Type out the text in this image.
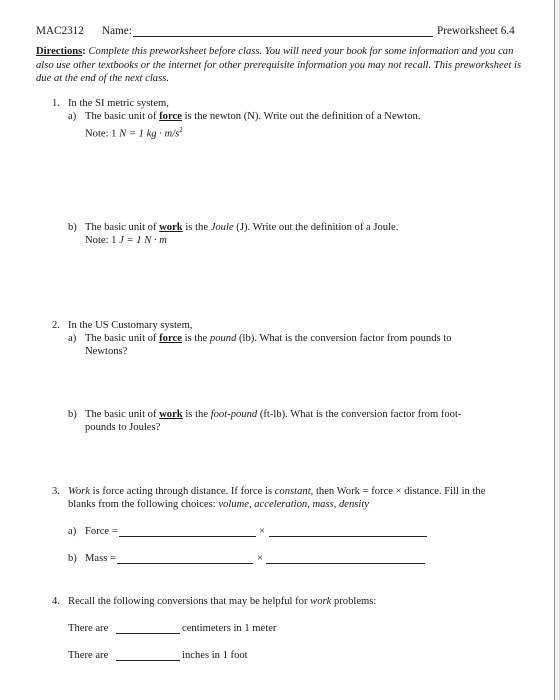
MAC2312 Name:	Preworksheet 6.4
Directions: Complete this preworksheet before class. You will need your book for some information and you can also use other textbooks or the internet for other prerequisite information you may not recall. This preworksheet is due at the end of the next class.
1. In the SI metric system,
a) The basic unit of force is the newton (N). Write out the definition of a Newton.
Note: 1 N = 1 kg · $m/s^2$
b) The basic unit of work is the Joule (J). Write out the definition of a Joule.
Note: 1 J = 1 N · m
2. In the US Customary system,
a) The basic unit of force is the pound (lb). What is the conversion factor from pounds to
Newtons?
b) The basic unit of work is the foot-pound (ft-lb). What is the conversion factor from foot-
pounds to Joules?
3. Work is force acting through distance. If force is constant, then Work = force × distance. Fill in the
blanks from the following choices: volume, acceleration, mass, density
a) Force =	×
b) Mass =	×
4. Recall the following conversions that may be helpful for work problems:
There are	centimeters in 1 meter
There are	inches in 1 foot
